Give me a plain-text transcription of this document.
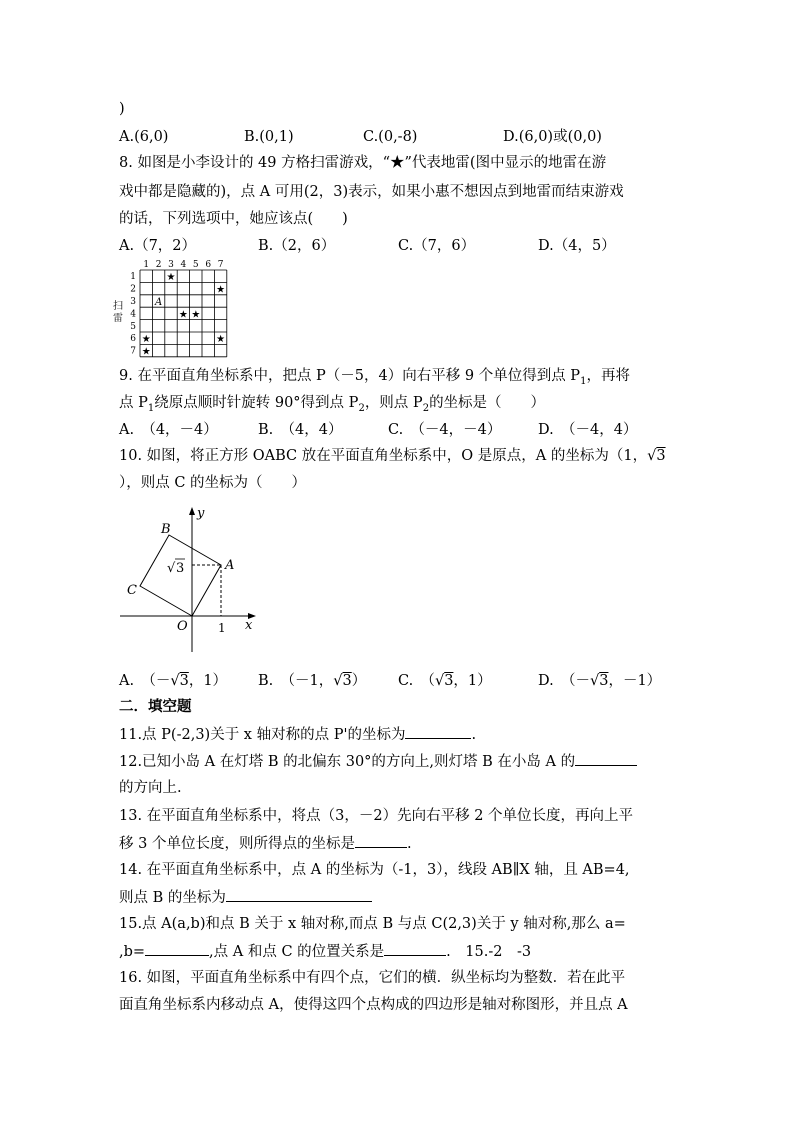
)
A.(6,0)	B.(0,1)	C.(0,-8)	D.(6,0)或(0,0)
8. 如图是小李设计的 49 方格扫雷游戏，“★”代表地雷(图中显示的地雷在游
戏中都是隐藏的)，点 A 可用(2，3)表示，如果小惠不想因点到地雷而结束游戏
的话，下列选项中，她应该点(　　)
A.（7，2）	B.（2，6）	C.（7，6）	D.（4，5）
1 2 3 4 5 6 7
1
2
3
4
5
6
7
扫
雷
★
★
★ ★
★	★
★
A
9. 在平面直角坐标系中，把点 P（－5，4）向右平移 9 个单位得到点 $P_1$，再将
点 $P_1$绕原点顺时针旋转 90°得到点 $P_2$，则点 $P_2$的坐标是（　　）
A.　（4，－4）	B.　（4，4）	C.　（－4，－4）	D.　（－4，4）
10. 如图，将正方形 OABC 放在平面直角坐标系中，O 是原点，A 的坐标为（1，√3
），则点 C 的坐标为（　　）
B
A
C
O	x
y
1
√ 3
A.　（－√3，1） B.　（－1，√3） C.　（√3，1）	D.　（－√3，－1）
二．填空题
11.点 P(-2,3)关于 x 轴对称的点 P'的坐标为	.
12.已知小岛 A 在灯塔 B 的北偏东 30°的方向上,则灯塔 B 在小岛 A 的
的方向上.
13. 在平面直角坐标系中，将点（3，－2）先向右平移 2 个单位长度，再向上平
移 3 个单位长度，则所得点的坐标是	.
14. 在平面直角坐标系中，点 A 的坐标为（-1，3），线段 AB∥X 轴，且 AB=4,
则点 B 的坐标为
15.点 A(a,b)和点 B 关于 x 轴对称,而点 B 与点 C(2,3)关于 y 轴对称,那么 a=
,b=	,点 A 和点 C 的位置关系是	.　15.-2　-3
16. 如图，平面直角坐标系中有四个点，它们的横．纵坐标均为整数．若在此平
面直角坐标系内移动点 A，使得这四个点构成的四边形是轴对称图形，并且点 A
